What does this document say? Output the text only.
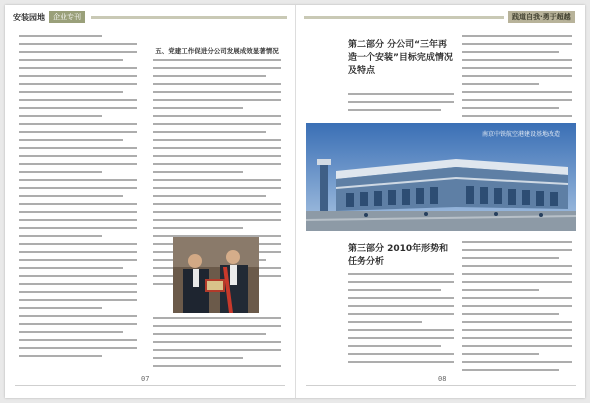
安装园地	企业专刊
五、党建工作促进分公司发展成效显著情况
07
践道自我·勇于超越
第二部分 分公司“三年再造一个安装”目标完成情况及特点
南京中铁航空港建设基地改造
第三部分 2010年形势和任务分析
08
